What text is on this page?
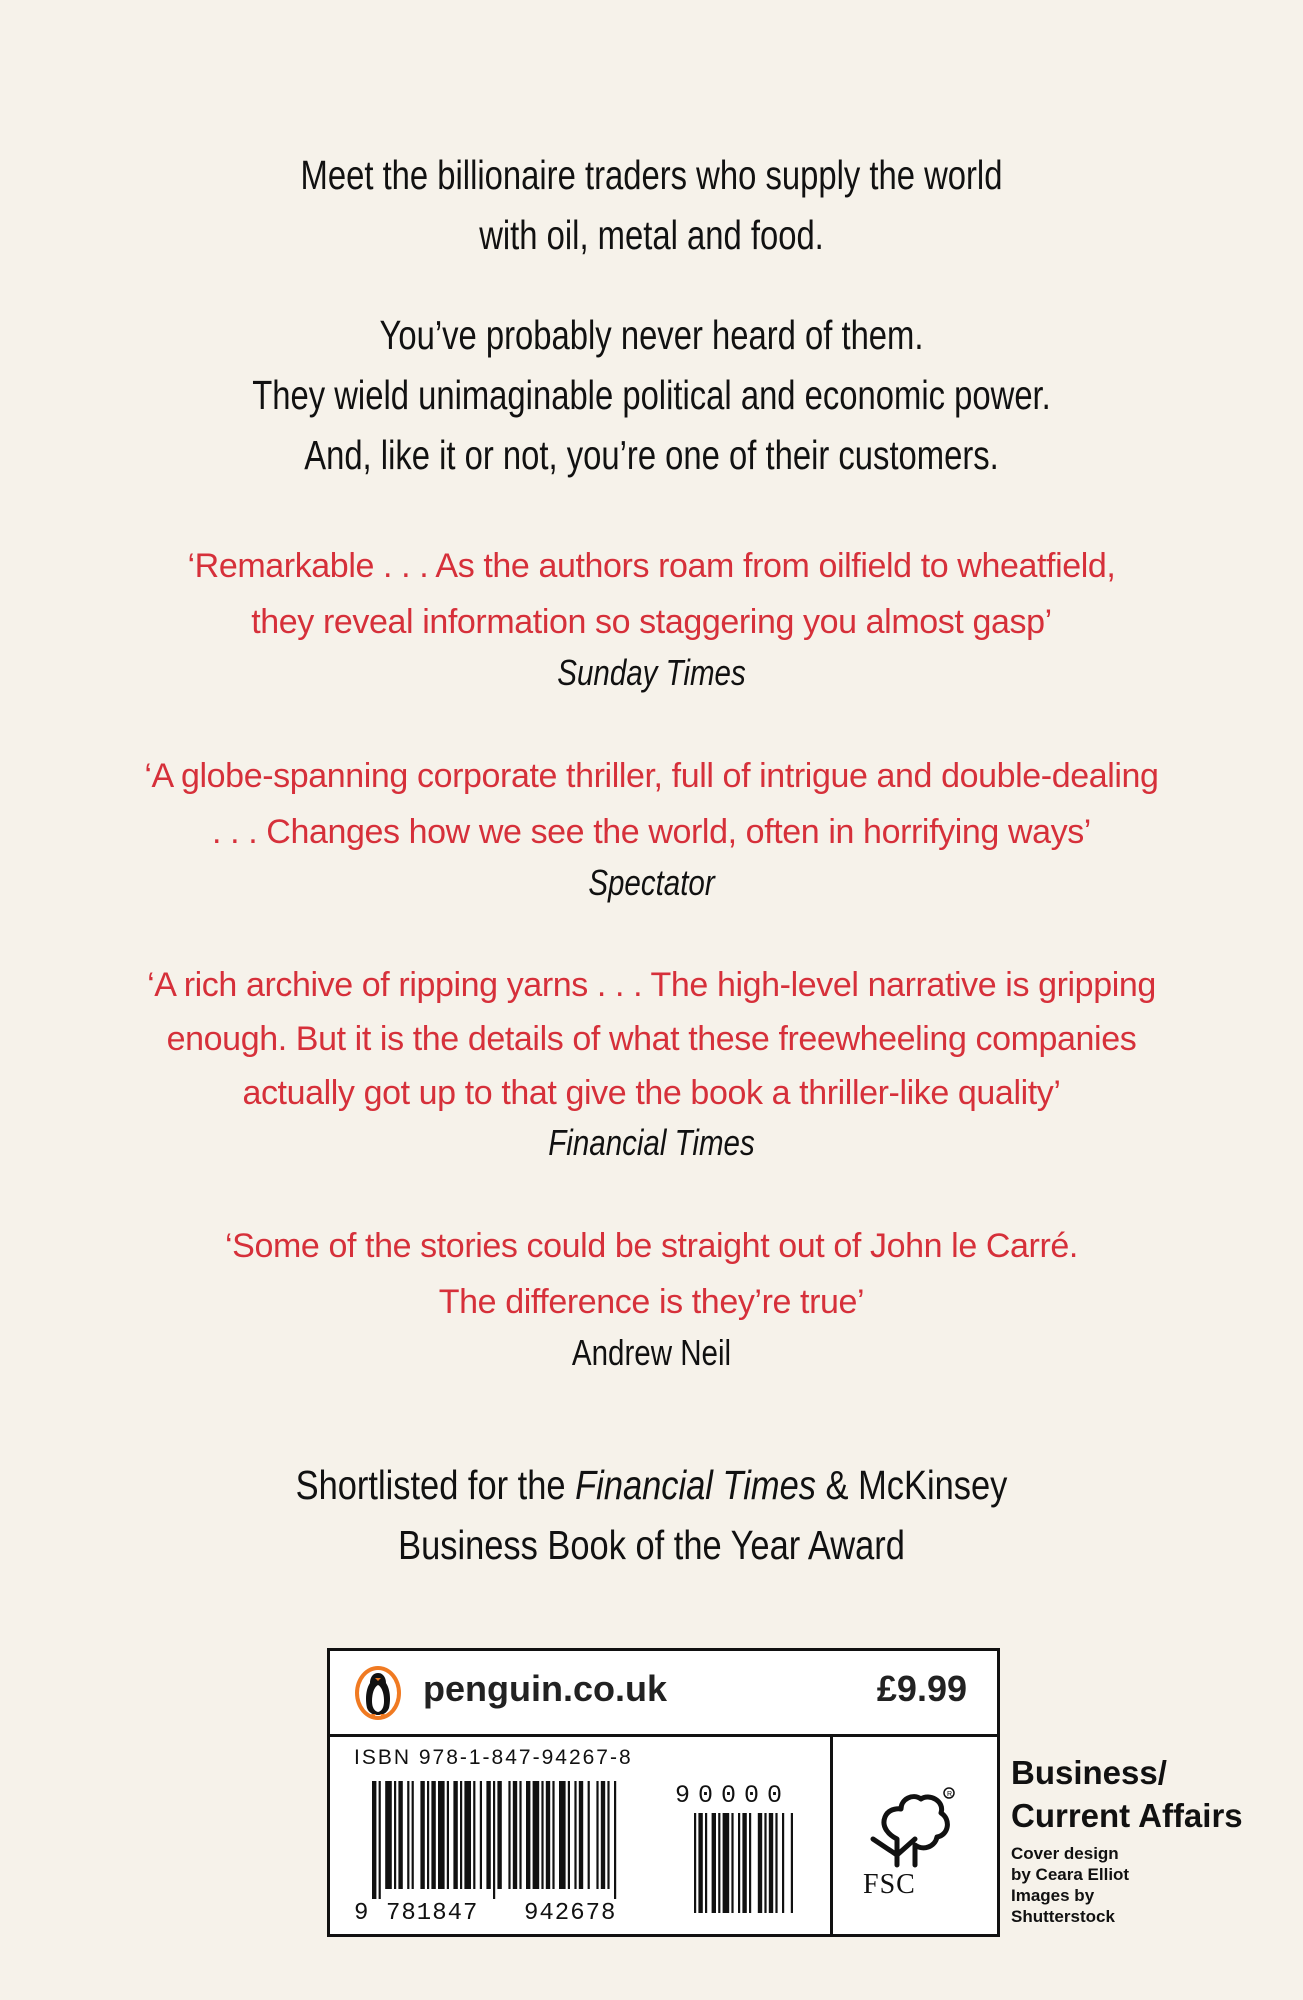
Meet the billionaire traders who supply the world
with oil, metal and food.
You’ve probably never heard of them.
They wield unimaginable political and economic power.
And, like it or not, you’re one of their customers.
‘Remarkable . . . As the authors roam from oilfield to wheatfield,
they reveal information so staggering you almost gasp’
Sunday Times
‘A globe-spanning corporate thriller, full of intrigue and double-dealing
. . . Changes how we see the world, often in horrifying ways’
Spectator
‘A rich archive of ripping yarns . . . The high-level narrative is gripping
enough. But it is the details of what these freewheeling companies
actually got up to that give the book a thriller-like quality’
Financial Times
‘Some of the stories could be straight out of John le Carré.
The difference is they’re true’
Andrew Neil
Shortlisted for the Financial Times & McKinsey
Business Book of the Year Award
penguin.co.uk	£9.99
ISBN 978-1-847-94267-8
9 781847 942678
90000	R
FSC
Business/
Current Affairs
Cover design
by Ceara Elliot
Images by
Shutterstock
